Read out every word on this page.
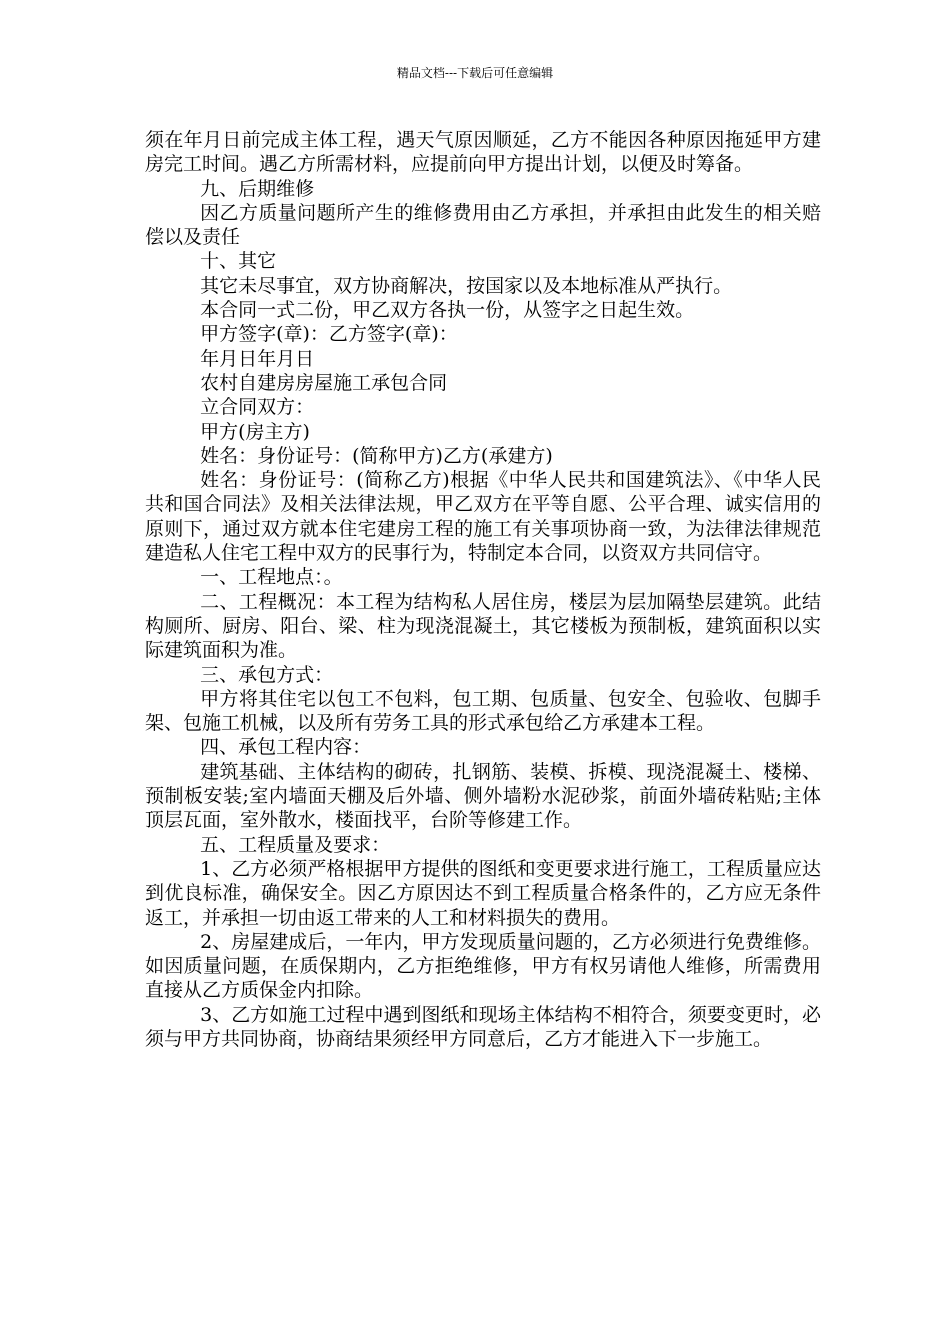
精品文档---下载后可任意编辑

须在年月日前完成主体工程，遇天气原因顺延，乙方不能因各种原因拖延甲方建房完工时间。遇乙方所需材料，应提前向甲方提出计划，以便及时筹备。

九、后期维修

因乙方质量问题所产生的维修费用由乙方承担，并承担由此发生的相关赔偿以及责任

十、其它

其它未尽事宜，双方协商解决，按国家以及本地标准从严执行。

本合同一式二份，甲乙双方各执一份，从签字之日起生效。

甲方签字(章)：乙方签字(章)：

年月日年月日

农村自建房房屋施工承包合同

立合同双方：

甲方(房主方)

姓名：身份证号：(简称甲方)乙方(承建方)

姓名：身份证号：(简称乙方)根据《中华人民共和国建筑法》、《中华人民共和国合同法》及相关法律法规，甲乙双方在平等自愿、公平合理、诚实信用的原则下，通过双方就本住宅建房工程的施工有关事项协商一致，为法律法律规范建造私人住宅工程中双方的民事行为，特制定本合同，以资双方共同信守。

一、工程地点：。

二、工程概况：本工程为结构私人居住房，楼层为层加隔垫层建筑。此结构厕所、厨房、阳台、梁、柱为现浇混凝土，其它楼板为预制板，建筑面积以实际建筑面积为准。

三、承包方式：

甲方将其住宅以包工不包料，包工期、包质量、包安全、包验收、包脚手架、包施工机械，以及所有劳务工具的形式承包给乙方承建本工程。

四、承包工程内容：

建筑基础、主体结构的砌砖，扎钢筋、装模、拆模、现浇混凝土、楼梯、预制板安装;室内墙面天棚及后外墙、侧外墙粉水泥砂浆，前面外墙砖粘贴;主体顶层瓦面，室外散水，楼面找平，台阶等修建工作。

五、工程质量及要求：

1、乙方必须严格根据甲方提供的图纸和变更要求进行施工，工程质量应达到优良标准，确保安全。因乙方原因达不到工程质量合格条件的，乙方应无条件返工，并承担一切由返工带来的人工和材料损失的费用。

2、房屋建成后，一年内，甲方发现质量问题的，乙方必须进行免费维修。如因质量问题，在质保期内，乙方拒绝维修，甲方有权另请他人维修，所需费用直接从乙方质保金内扣除。

3、乙方如施工过程中遇到图纸和现场主体结构不相符合，须要变更时，必须与甲方共同协商，协商结果须经甲方同意后，乙方才能进入下一步施工。
